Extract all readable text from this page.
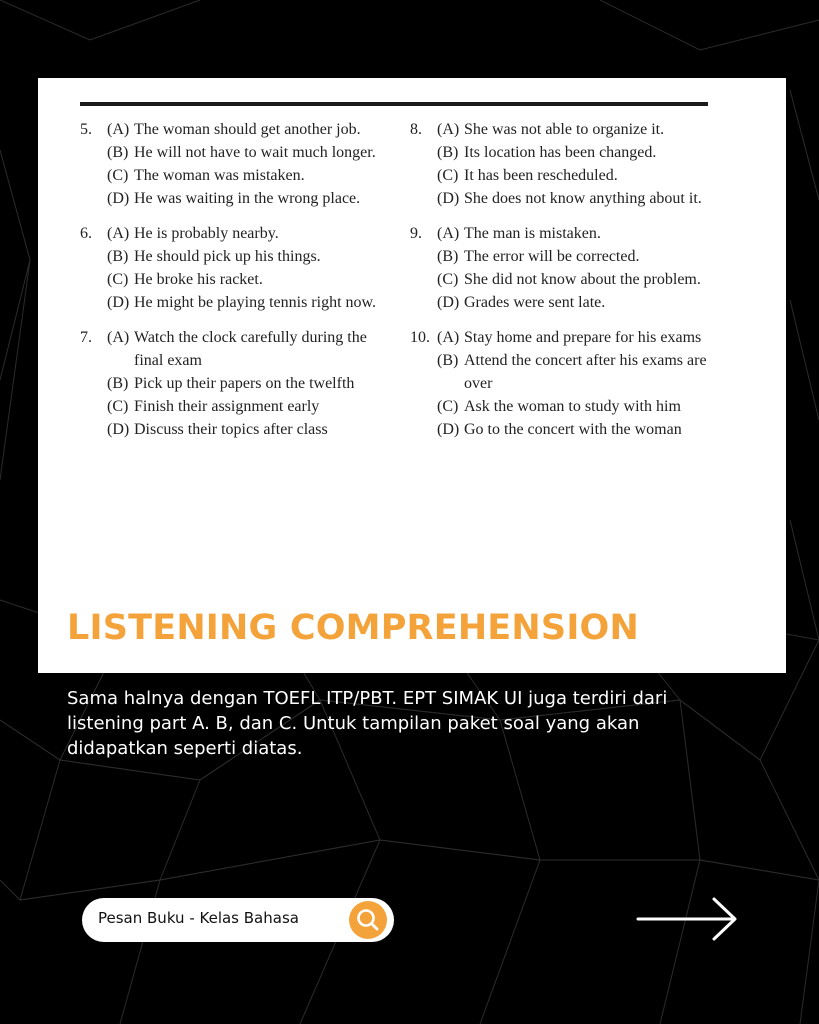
5. (A) The woman should get another job.
(B) He will not have to wait much longer.
(C) The woman was mistaken.
(D) He was waiting in the wrong place.
6. (A) He is probably nearby.
(B) He should pick up his things.
(C) He broke his racket.
(D) He might be playing tennis right now.
7. (A) Watch the clock carefully during the final exam
(B) Pick up their papers on the twelfth
(C) Finish their assignment early
(D) Discuss their topics after class
8. (A) She was not able to organize it.
(B) Its location has been changed.
(C) It has been rescheduled.
(D) She does not know anything about it.
9. (A) The man is mistaken.
(B) The error will be corrected.
(C) She did not know about the problem.
(D) Grades were sent late.
10. (A) Stay home and prepare for his exams
(B) Attend the concert after his exams are over
(C) Ask the woman to study with him
(D) Go to the concert with the woman
LISTENING COMPREHENSION
Sama halnya dengan TOEFL ITP/PBT. EPT SIMAK UI juga terdiri dari listening part A. B, dan C. Untuk tampilan paket soal yang akan didapatkan seperti diatas.
Pesan Buku - Kelas Bahasa
